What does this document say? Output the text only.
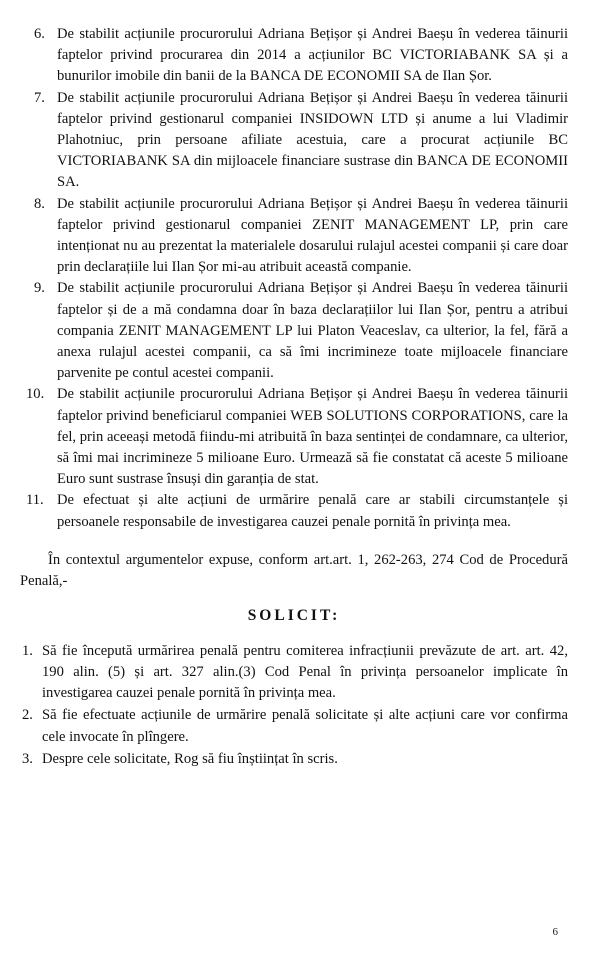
6. De stabilit acțiunile procurorului Adriana Bețișor și Andrei Baeșu în vederea tăinurii faptelor privind procurarea din 2014 a acțiunilor BC VICTORIABANK SA și a bunurilor imobile din banii de la BANCA DE ECONOMII SA de Ilan Șor.
7. De stabilit acțiunile procurorului Adriana Bețișor și Andrei Baeșu în vederea tăinurii faptelor privind gestionarul companiei INSIDOWN LTD și anume a lui Vladimir Plahotniuc, prin persoane afiliate acestuia, care a procurat acțiunile BC VICTORIABANK SA din mijloacele financiare sustrase din BANCA DE ECONOMII SA.
8. De stabilit acțiunile procurorului Adriana Bețișor și Andrei Baeșu în vederea tăinurii faptelor privind gestionarul companiei ZENIT MANAGEMENT LP, prin care intenționat nu au prezentat la materialele dosarului rulajul acestei companii și care doar prin declarațiile lui Ilan Șor mi-au atribuit această companie.
9. De stabilit acțiunile procurorului Adriana Bețișor și Andrei Baeșu în vederea tăinurii faptelor și de a mă condamna doar în baza declarațiilor lui Ilan Șor, pentru a atribui compania ZENIT MANAGEMENT LP lui Platon Veaceslav, ca ulterior, la fel, fără a anexa rulajul acestei companii, ca să îmi incrimineze toate mijloacele financiare parvenite pe contul acestei companii.
10. De stabilit acțiunile procurorului Adriana Bețișor și Andrei Baeșu în vederea tăinurii faptelor privind beneficiarul companiei WEB SOLUTIONS CORPORATIONS, care la fel, prin aceeași metodă fiindu-mi atribuită în baza sentinței de condamnare, ca ulterior, să îmi mai incrimineze 5 milioane Euro. Urmează să fie constatat că aceste 5 milioane Euro sunt sustrase însuși din garanția de stat.
11. De efectuat și alte acțiuni de urmărire penală care ar stabili circumstanțele și persoanele responsabile de investigarea cauzei penale pornită în privința mea.

În contextul argumentelor expuse, conform art.art. 1, 262-263, 274 Cod de Procedură Penală,-

SOLICIT:
1. Să fie începută urmărirea penală pentru comiterea infracțiunii prevăzute de art. art. 42, 190 alin. (5) și art. 327 alin.(3) Cod Penal în privința persoanelor implicate în investigarea cauzei penale pornită în privința mea.
2. Să fie efectuate acțiunile de urmărire penală solicitate și alte acțiuni care vor confirma cele invocate în plîngere.
3. Despre cele solicitate, Rog să fiu înștiințat în scris.
6
